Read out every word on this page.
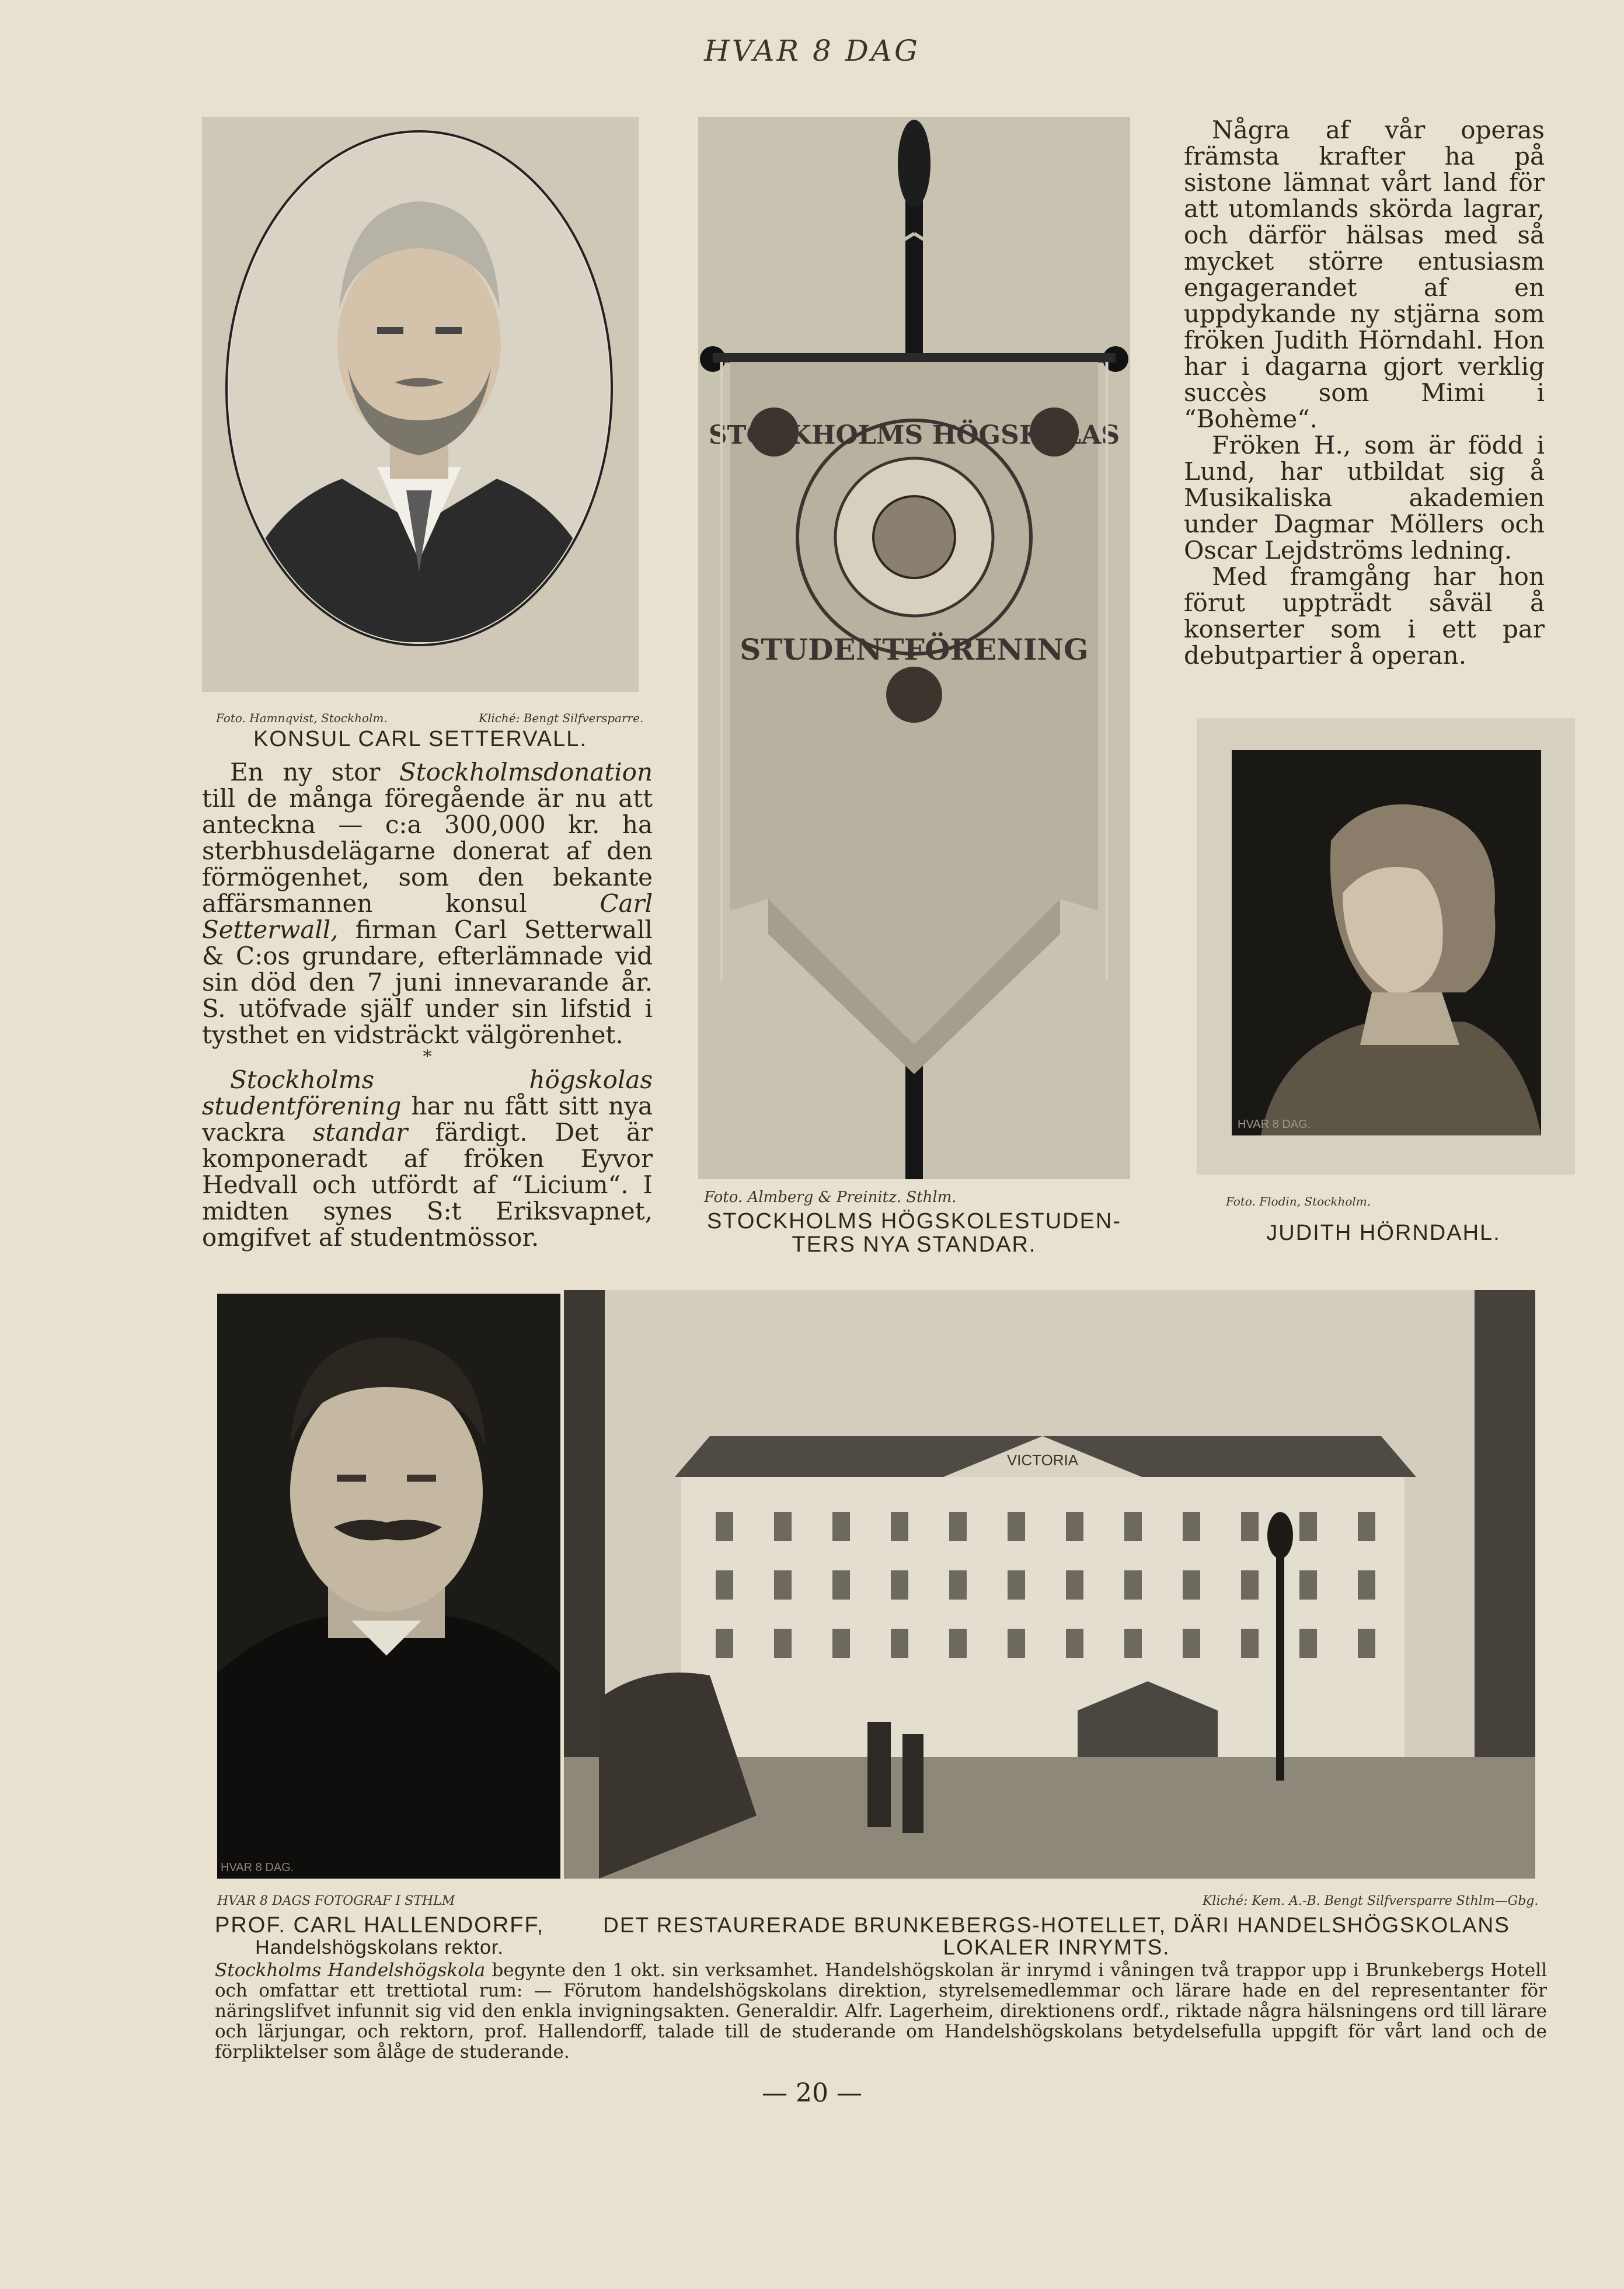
HVAR 8 DAG
Foto. Hamnqvist, Stockholm.	Kliché: Bengt Silfversparre.
KONSUL CARL SETTERVALL.

En ny stor Stockholmsdonation till de många föregående är nu att anteckna — c:a 300,000 kr. ha sterbhusdelägarne donerat af den förmögenhet, som den bekante affärsmannen konsul Carl Setterwall, firman Carl Setterwall & C:os grundare, efterlämnade vid sin död den 7 juni innevarande år. S. utöfvade själf under sin lifstid i tysthet en vidsträckt välgörenhet.

*

Stockholms högskolas studentförening har nu fått sitt nya vackra standar färdigt. Det är komponeradt af fröken Eyvor Hedvall och utfördt af “Licium“. I midten synes S:t Eriksvapnet, omgifvet af studentmössor.

STOCKHOLMS HÖGSKOLAS
STUDENTFÖRENING
Foto. Almberg & Preinitz. Sthlm.
STOCKHOLMS HÖGSKOLESTUDEN-
TERS NYA STANDAR.

Några af vår operas främsta krafter ha på sistone lämnat vårt land för att utomlands skörda lagrar, och därför hälsas med så mycket större entusiasm engagerandet af en uppdykande ny stjärna som fröken Judith Hörndahl. Hon har i dagarna gjort verklig succès som Mimi i “Bohème“.

Fröken H., som är född i Lund, har utbildat sig å Musikaliska akademien under Dagmar Möllers och Oscar Lejdströms ledning.

Med framgång har hon förut uppträdt såväl å konserter som i ett par debutpartier å operan.

HVAR 8 DAG.
Foto. Flodin, Stockholm.
JUDITH HÖRNDAHL.
HVAR 8 DAG.
VICTORIA
HVAR 8 DAGS FOTOGRAF I STHLM	Kliché: Kem. A.-B. Bengt Silfversparre Sthlm—Gbg.
PROF. CARL HALLENDORFF,
Handelshögskolans rektor.
DET RESTAURERADE BRUNKEBERGS-HOTELLET, DÄRI HANDELSHÖGSKOLANS
LOKALER INRYMTS.

Stockholms Handelshögskola begynte den 1 okt. sin verksamhet. Handelshögskolan är inrymd i våningen två trappor upp i Brunkebergs Hotell och omfattar ett trettiotal rum: — Förutom handelshögskolans direktion, styrelsemedlemmar och lärare hade en del representanter för näringslifvet infunnit sig vid den enkla invigningsakten. Generaldir. Alfr. Lagerheim, direktionens ordf., riktade några hälsningens ord till lärare och lärjungar, och rektorn, prof. Hallendorff, talade till de studerande om Handelshögskolans betydelsefulla uppgift för vårt land och de förpliktelser som ålåge de studerande.

— 20 —
